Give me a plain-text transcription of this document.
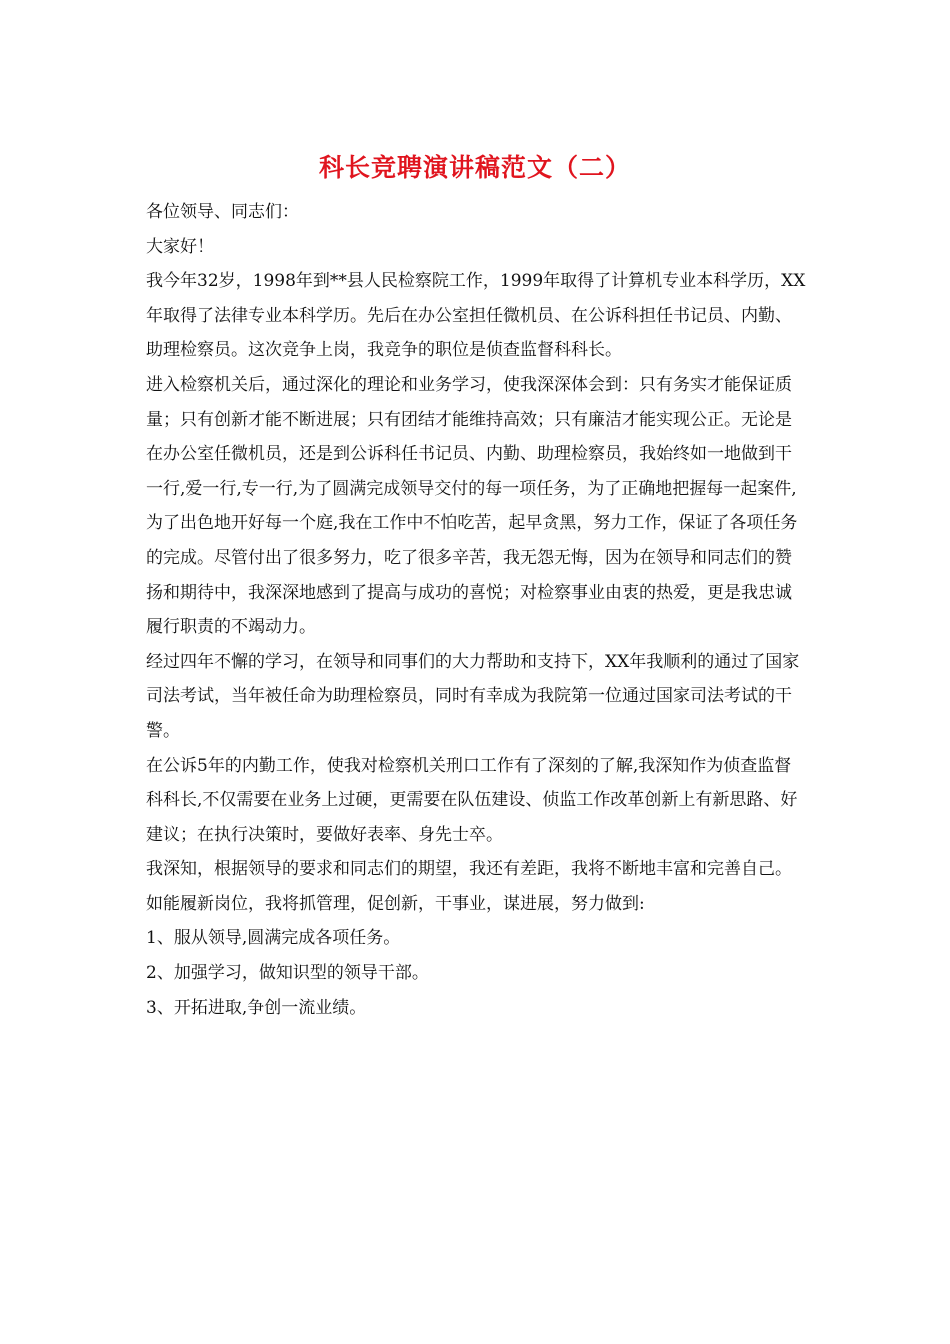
科长竞聘演讲稿范文（二）

各位领导、同志们：

大家好！

我今年32岁，1998年到**县人民检察院工作，1999年取得了计算机专业本科学历，XX年取得了法律专业本科学历。先后在办公室担任微机员、在公诉科担任书记员、内勤、助理检察员。这次竞争上岗，我竞争的职位是侦查监督科科长。

进入检察机关后，通过深化的理论和业务学习，使我深深体会到：只有务实才能保证质量；只有创新才能不断进展；只有团结才能维持高效；只有廉洁才能实现公正。无论是在办公室任微机员，还是到公诉科任书记员、内勤、助理检察员，我始终如一地做到干一行,爱一行,专一行,为了圆满完成领导交付的每一项任务，为了正确地把握每一起案件,为了出色地开好每一个庭,我在工作中不怕吃苦，起早贪黑，努力工作，保证了各项任务的完成。尽管付出了很多努力，吃了很多辛苦，我无怨无悔，因为在领导和同志们的赞扬和期待中，我深深地感到了提高与成功的喜悦；对检察事业由衷的热爱，更是我忠诚履行职责的不竭动力。

经过四年不懈的学习，在领导和同事们的大力帮助和支持下，XX年我顺利的通过了国家司法考试，当年被任命为助理检察员，同时有幸成为我院第一位通过国家司法考试的干警。

在公诉5年的内勤工作，使我对检察机关刑口工作有了深刻的了解,我深知作为侦查监督科科长,不仅需要在业务上过硬，更需要在队伍建设、侦监工作改革创新上有新思路、好建议；在执行决策时，要做好表率、身先士卒。

我深知，根据领导的要求和同志们的期望，我还有差距，我将不断地丰富和完善自己。

如能履新岗位，我将抓管理，促创新，干事业，谋进展，努力做到:

1、服从领导,圆满完成各项任务。

2、加强学习，做知识型的领导干部。

3、开拓进取,争创一流业绩。
